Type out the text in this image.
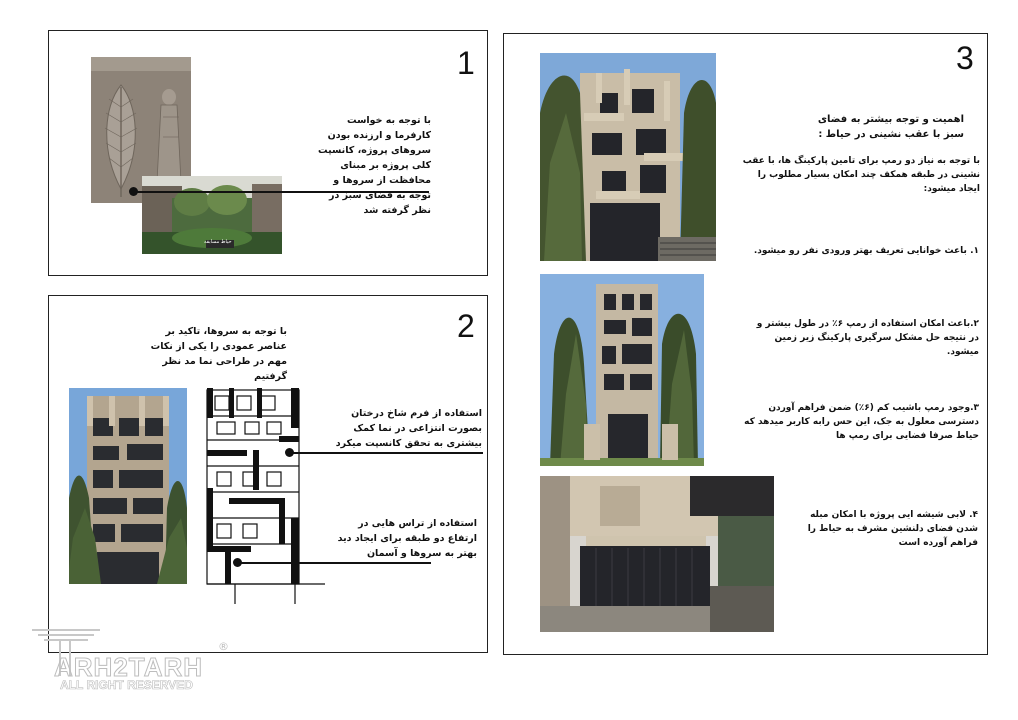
1
حیاط مسابقه
با توجه به خواست کارفرما و ارزنده بودن سروهای پروژه، کانسپت کلی پروژه بر مبنای محافظت از سروها و توجه به فضای سبز در نظر گرفته شد
2
با توجه به سروها، تاکید بر عناصر عمودی را یکی از نکات مهم در طراحی نما مد نظر گرفتیم
استفاده از فرم شاخ درختان بصورت انتزاعی در نما کمک بیشتری به تحقق کانسپت میکرد
استفاده از تراس هایی در ارتفاع دو طبقه برای ایجاد دید بهتر به سروها و آسمان
3
اهمیت و توجه بیشتر به فضای سبز با عقب نشینی در حیاط :
با توجه به نیاز دو رمپ برای تامین پارکینگ ها، با عقب نشینی در طبقه همکف چند امکان بسیار مطلوب را ایجاد میشود:
۱. باعث خوانایی تعریف بهتر ورودی نفر رو میشود.
۲.باعث امکان استفاده از رمپ ۶٪ در طول بیشتر و در نتیجه حل مشکل سرگیری پارکینگ زیر زمین میشود.
۳.وجود رمپ باشیب کم (۶٪) ضمن فراهم آوردن دسترسی معلول به جک، این حس رابه کاربر میدهد که حیاط صرفا فضایی برای رمپ ها
۴. لابی شیشه ایی پروژه با امکان مبله شدن فضای دلنشین مشرف به حیاط را فراهم آورده است
ARH2TARH
ALL RIGHT RESERVED
®
